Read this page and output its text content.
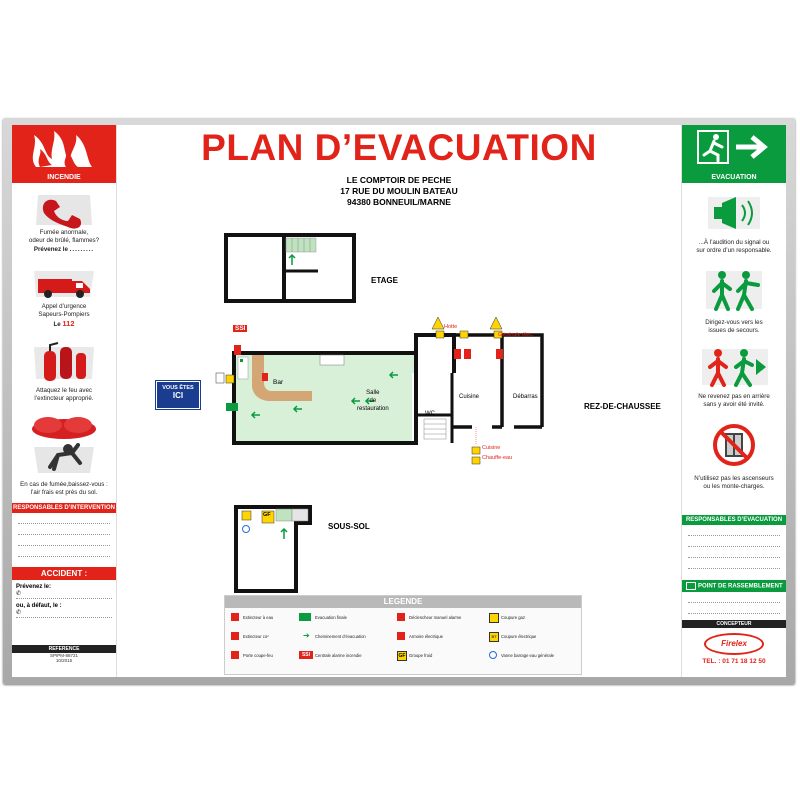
INCENDIE
Fumée anormale,
odeur de brûlé, flammes?
Prévenez le .........
Appel d’urgence
Sapeurs-Pompiers
Le 112
Attaquez le feu avec
l’extincteur approprié.
En cas de fumée,baissez-vous :
l’air frais est près du sol.
RESPONSABLES D’INTERVENTION
ACCIDENT :
Prévenez le:
✆
ou, à défaut, le :
✆
REFERENCE
SPIPM-88721
10/2015
PLAN D’EVACUATION
LE COMPTOIR DE PECHE
17 RUE DU MOULIN BATEAU
94380 BONNEUIL/MARNE
ETAGE
REZ-DE-CHAUSSEE
SOUS-SOL
Bar
Salle
de
restauration
WC
Cuisine	Débarras
SSI	Hotte
Générale élec.
Cuisine
Chauffe-eau
GF
VOUS ÊTES
ICI
LEGENDE
Extincteur à eau	Evacuation finale	Déclencheur manuel alarme	Coupure gaz
Extincteur co²	➔	Cheminement d’évacuation	Armoire électrique	BT	Coupure électrique
Porte coupe-feu	SSI	Centrale alarme incendie	GF Groupe froid	Vanne barrage eau générale
EVACUATION
...À l’audition du signal ou
sur ordre d’un responsable.
Dirigez-vous vers les
issues de secours.
Ne revenez pas en arrière
sans y avoir été invité.
N’utilisez pas les ascenseurs
ou les monte-charges.
RESPONSABLES D’EVACUATION
POINT DE RASSEMBLEMENT
CONCEPTEUR
Firelex
TEL. : 01 71 18 12 50
